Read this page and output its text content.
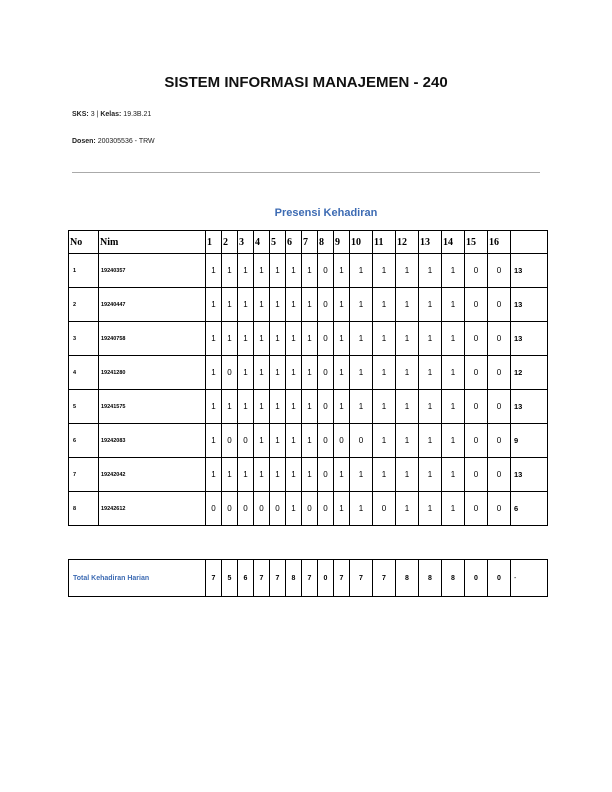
SISTEM INFORMASI MANAJEMEN - 240
SKS: 3 | Kelas: 19.3B.21
Dosen: 200305536 - TRW
Presensi Kehadiran
No	Nim	1	2	3	4	5	6	7	8	9	10	11	12	13	14	15	16	
1	19240357	1	1	1	1	1	1	1	0	1	1	1	1	1	1	0	0	13
2	19240447	1	1	1	1	1	1	1	0	1	1	1	1	1	1	0	0	13
3	19240758	1	1	1	1	1	1	1	0	1	1	1	1	1	1	0	0	13
4	19241280	1	0	1	1	1	1	1	0	1	1	1	1	1	1	0	0	12
5	19241575	1	1	1	1	1	1	1	0	1	1	1	1	1	1	0	0	13
6	19242083	1	0	0	1	1	1	1	0	0	0	1	1	1	1	0	0	9
7	19242042	1	1	1	1	1	1	1	0	1	1	1	1	1	1	0	0	13
8	19242612	0	0	0	0	0	1	0	0	1	1	0	1	1	1	0	0	6
Total Kehadiran Harian	7	5	6	7	7	8	7	0	7	7	7	8	8	8	0	0	-
